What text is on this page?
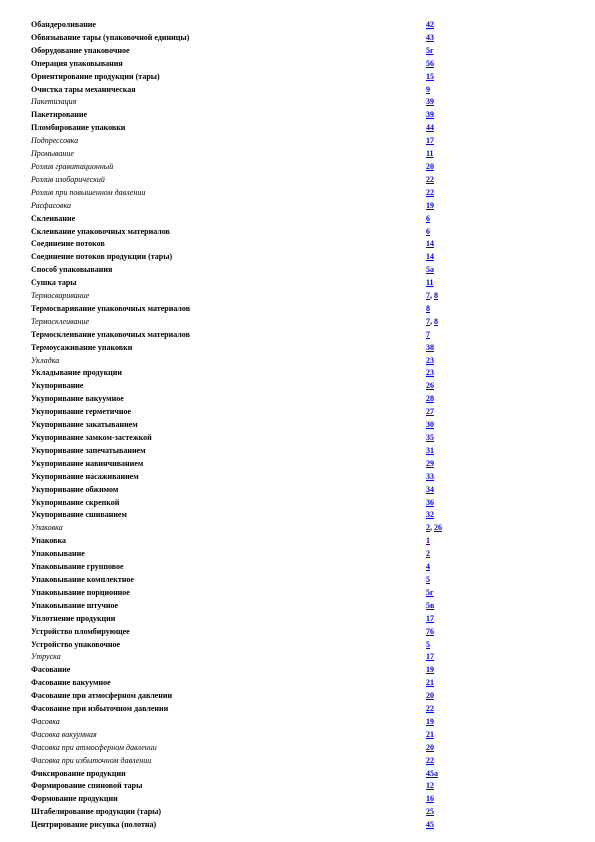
Обандероливание	42
Обвязывание тары (упаковочной единицы)	43
Оборудование упаковочное	5г
Операция упаковывания	56
Ориентирование продукции (тары)	15
Очистка тары механическая	9
Пакетизация	39
Пакетирование	39
Пломбирование упаковки	44
Подпрессовка	17
Промывание	11
Розлив гравитационный	20
Розлив изобарический	22
Розлив при повышенном давлении	22
Расфасовка	19
Склеивание	6
Склеивание упаковочных материалов	6
Соединение потоков	14
Соединение потоков продукции (тары)	14
Способ упаковывания	5а
Сушка тары	11
Термосваривание	7, 8
Термосваривание упаковочных материалов	8
Термосклеивание	7, 8
Термосклеивание упаковочных материалов	7
Термоусаживание упаковки	38
Укладка	23
Укладывание продукции	23
Укупоривание	26
Укупоривание вакуумное	28
Укупоривание герметичное	27
Укупоривание закатыванием	30
Укупоривание замком-застежкой	35
Укупоривание запечатыванием	31
Укупоривание навинчиванием	29
Укупоривание насаживанием	33
Укупоривание обжимом	34
Укупоривание скрепкой	36
Укупоривание сшиванием	32
Упаковка	2, 26
Упаковка	1
Упаковывание	2
Упаковывание групповое	4
Упаковывание комплектное	5
Упаковывание порционное	5г
Упаковывание штучное	5в
Уплотнение продукции	17
Устройство пломбирующее	76
Устройство упаковочное	5
Утруска	17
Фасование	19
Фасование вакуумное	21
Фасование при атмосферном давлении	20
Фасование при избыточном давлении	22
Фасовка	19
Фасовка вакуумная	21
Фасовка при атмосферном давлении	20
Фасовка при избыточном давлении	22
Фиксирование продукции	45а
Формирование спиновой тары	12
Формование продукции	16
Штабелирование продукции (тары)	25
Центрирование рисунка (полотна)	45
